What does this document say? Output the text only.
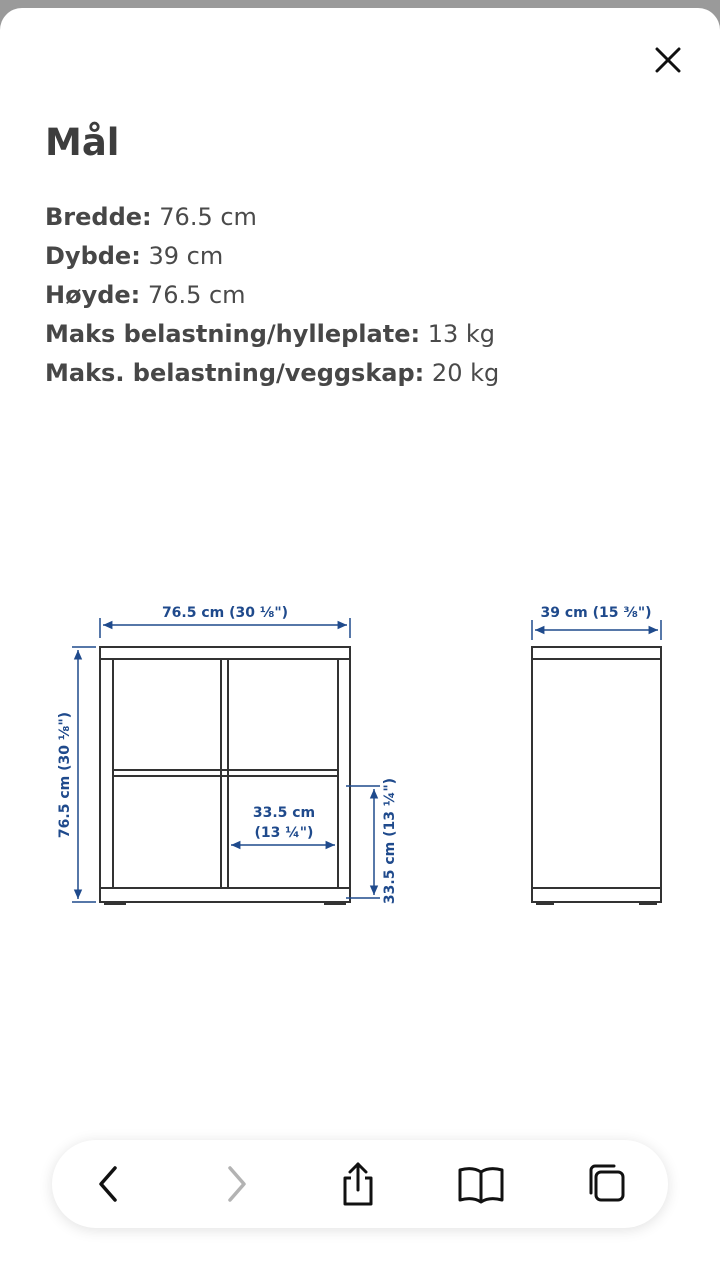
Mål
Bredde: 76.5 cm
Dybde: 39 cm
Høyde: 76.5 cm
Maks belastning/hylleplate: 13 kg
Maks. belastning/veggskap: 20 kg
76.5 cm (30 ⅛")
76.5 cm (30 ⅛")	33.5 cm
(13 ¼")	33.5 cm (13 ¼")
39 cm (15 ⅜")
